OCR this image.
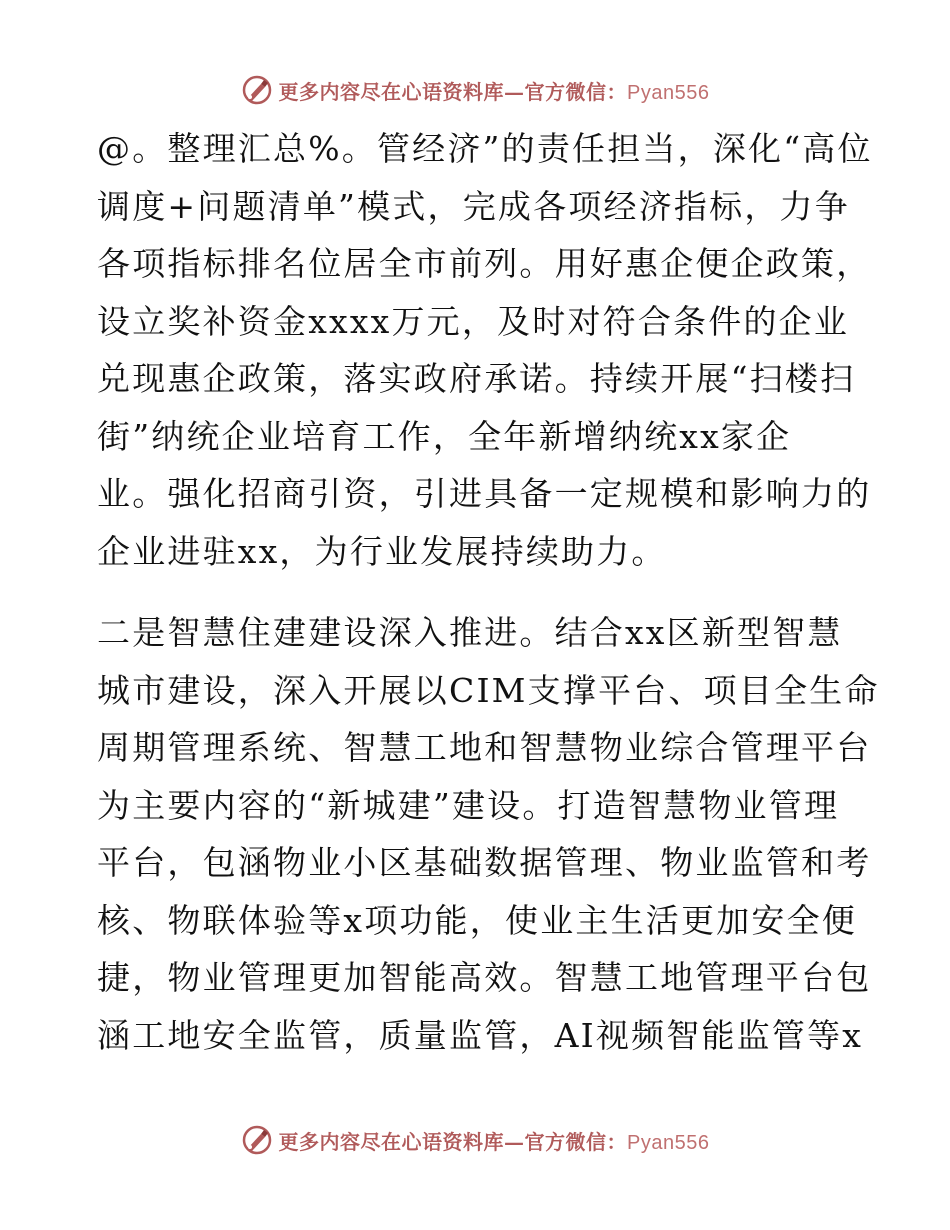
更多内容尽在心语资料库—官方微信：Pyan556
@。整理汇总%。管经济”的责任担当，深化“高位
调度+问题清单”模式，完成各项经济指标，力争
各项指标排名位居全市前列。用好惠企便企政策，
设立奖补资金xxxx万元，及时对符合条件的企业
兑现惠企政策，落实政府承诺。持续开展“扫楼扫
街”纳统企业培育工作，全年新增纳统xx家企
业。强化招商引资，引进具备一定规模和影响力的
企业进驻xx，为行业发展持续助力。
二是智慧住建建设深入推进。结合xx区新型智慧
城市建设，深入开展以CIM支撑平台、项目全生命
周期管理系统、智慧工地和智慧物业综合管理平台
为主要内容的“新城建”建设。打造智慧物业管理
平台，包涵物业小区基础数据管理、物业监管和考
核、物联体验等x项功能，使业主生活更加安全便
捷，物业管理更加智能高效。智慧工地管理平台包
涵工地安全监管，质量监管，AI视频智能监管等x
更多内容尽在心语资料库—官方微信：Pyan556
